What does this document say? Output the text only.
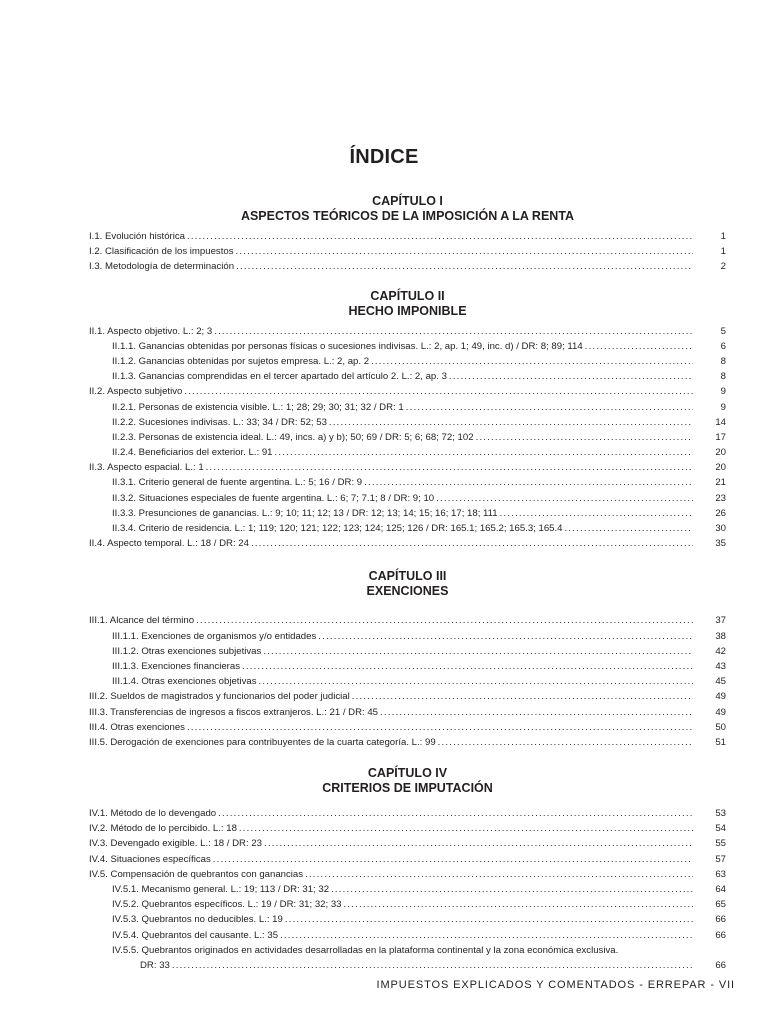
ÍNDICE
CAPÍTULO I
ASPECTOS TEÓRICOS DE LA IMPOSICIÓN A LA RENTA
I.1. Evolución histórica .....	1
I.2. Clasificación de los impuestos .....	1
I.3. Metodología de determinación .....	2
CAPÍTULO II
HECHO IMPONIBLE
II.1. Aspecto objetivo. L.: 2; 3 .....	5
II.1.1. Ganancias obtenidas por personas físicas o sucesiones indivisas. L.: 2, ap. 1; 49, inc. d) / DR: 8; 89; 114 .....	6
II.1.2. Ganancias obtenidas por sujetos empresa. L.: 2, ap. 2 .....	8
II.1.3. Ganancias comprendidas en el tercer apartado del artículo 2. L.: 2, ap. 3 .....	8
II.2. Aspecto subjetivo .....	9
II.2.1. Personas de existencia visible. L.: 1; 28; 29; 30; 31; 32 / DR: 1 .....	9
II.2.2. Sucesiones indivisas. L.: 33; 34 / DR: 52; 53 .....	14
II.2.3. Personas de existencia ideal. L.: 49, incs. a) y b); 50; 69 / DR: 5; 6; 68; 72; 102 .....	17
II.2.4. Beneficiarios del exterior. L.: 91 .....	20
II.3. Aspecto espacial. L.: 1 .....	20
II.3.1. Criterio general de fuente argentina. L.: 5; 16 / DR: 9 .....	21
II.3.2. Situaciones especiales de fuente argentina. L.: 6; 7; 7.1; 8 / DR: 9; 10 .....	23
II.3.3. Presunciones de ganancias. L.: 9; 10; 11; 12; 13 / DR: 12; 13; 14; 15; 16; 17; 18; 111 .....	26
II.3.4. Criterio de residencia. L.: 1; 119; 120; 121; 122; 123; 124; 125; 126 / DR: 165.1; 165.2; 165.3; 165.4 .....	30
II.4. Aspecto temporal. L.: 18 / DR: 24 .....	35
CAPÍTULO III
EXENCIONES
III.1. Alcance del término .....	37
III.1.1. Exenciones de organismos y/o entidades .....	38
III.1.2. Otras exenciones subjetivas .....	42
III.1.3. Exenciones financieras .....	43
III.1.4. Otras exenciones objetivas .....	45
III.2. Sueldos de magistrados y funcionarios del poder judicial .....	49
III.3. Transferencias de ingresos a fiscos extranjeros. L.: 21 / DR: 45 .....	49
III.4. Otras exenciones .....	50
III.5. Derogación de exenciones para contribuyentes de la cuarta categoría. L.: 99 .....	51
CAPÍTULO IV
CRITERIOS DE IMPUTACIÓN
IV.1. Método de lo devengado .....	53
IV.2. Método de lo percibido. L.: 18 .....	54
IV.3. Devengado exigible. L.: 18 / DR: 23 .....	55
IV.4. Situaciones específicas .....	57
IV.5. Compensación de quebrantos con ganancias .....	63
IV.5.1. Mecanismo general. L.: 19; 113 / DR: 31; 32 .....	64
IV.5.2. Quebrantos específicos. L.: 19 / DR: 31; 32; 33 .....	65
IV.5.3. Quebrantos no deducibles. L.: 19 .....	66
IV.5.4. Quebrantos del causante. L.: 35 .....	66
IV.5.5. Quebrantos originados en actividades desarrolladas en la plataforma continental y la zona económica exclusiva.
DR: 33 .....	66
IMPUESTOS EXPLICADOS Y COMENTADOS - ERREPAR - VII
